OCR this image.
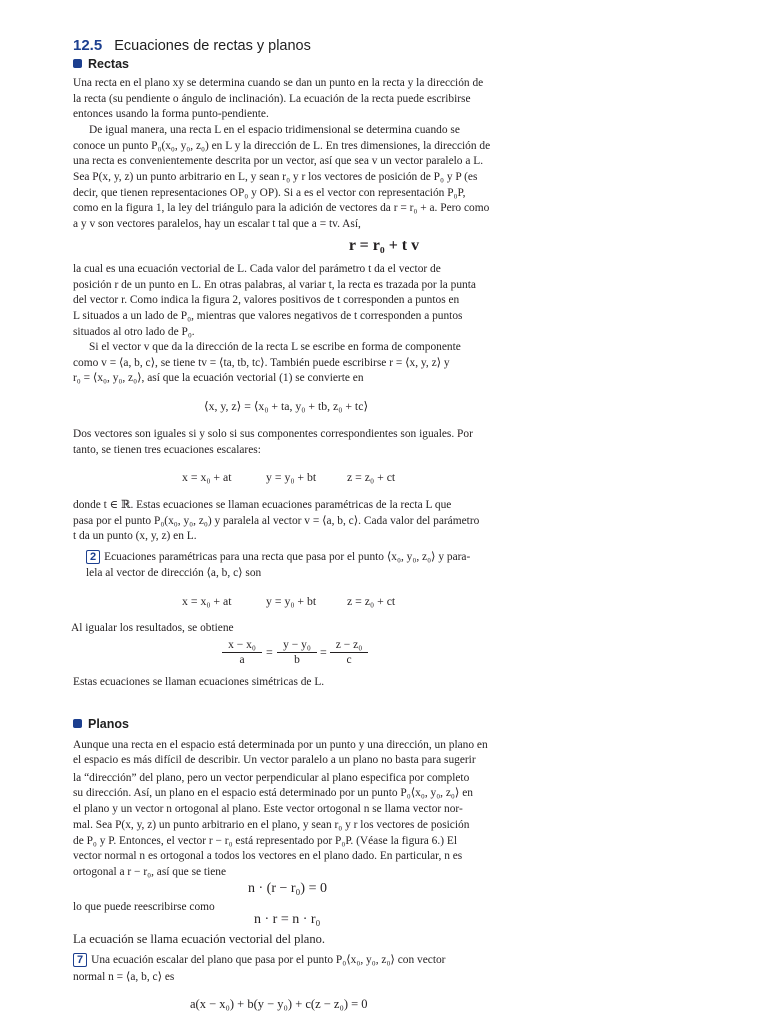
12.5 Ecuaciones de rectas y planos
Rectas
Una recta en el plano xy se determina cuando se dan un punto en la recta y la dirección de
la recta (su pendiente o ángulo de inclinación). La ecuación de la recta puede escribirse
entonces usando la forma punto-pendiente.
De igual manera, una recta L en el espacio tridimensional se determina cuando se
conoce un punto P₀(x₀, y₀, z₀) en L y la dirección de L. En tres dimensiones, la dirección de
una recta es convenientemente descrita por un vector, así que sea v un vector paralelo a L.
Sea P(x, y, z) un punto arbitrario en L, y sean r₀ y r los vectores de posición de P₀ y P (es
decir, que tienen representaciones OP₀ y OP). Si a es el vector con representación P₀P,
como en la figura 1, la ley del triángulo para la adición de vectores da r = r₀ + a. Pero como
a y v son vectores paralelos, hay un escalar t tal que a = tv. Así,
r = r₀ + t v
la cual es una ecuación vectorial de L. Cada valor del parámetro t da el vector de
posición r de un punto en L. En otras palabras, al variar t, la recta es trazada por la punta
del vector r. Como indica la figura 2, valores positivos de t corresponden a puntos en
L situados a un lado de P₀, mientras que valores negativos de t corresponden a puntos
situados al otro lado de P₀.
Si el vector v que da la dirección de la recta L se escribe en forma de componente
como v = ⟨a, b, c⟩, se tiene tv = ⟨ta, tb, tc⟩. También puede escribirse r = ⟨x, y, z⟩ y
r₀ = ⟨x₀, y₀, z₀⟩, así que la ecuación vectorial (1) se convierte en
⟨x, y, z⟩ = ⟨x₀ + ta, y₀ + tb, z₀ + tc⟩
Dos vectores son iguales si y solo si sus componentes correspondientes son iguales. Por
tanto, se tienen tres ecuaciones escalares:
x = x₀ + at	y = y₀ + bt	z = z₀ + ct
donde t ∈ ℝ. Estas ecuaciones se llaman ecuaciones paramétricas de la recta L que
pasa por el punto P₀(x₀, y₀, z₀) y paralela al vector v = ⟨a, b, c⟩. Cada valor del parámetro
t da un punto (x, y, z) en L.
2 Ecuaciones paramétricas para una recta que pasa por el punto ⟨x₀, y₀, z₀⟩ y para-
lela al vector de dirección ⟨a, b, c⟩ son
x = x₀ + at	y = y₀ + bt	z = z₀ + ct
Al igualar los resultados, se obtiene
$\frac{\text{x − x₀}}{a} = \frac{\text{y − y₀}}{b} = \frac{\text{z − z₀}}{c}$
Estas ecuaciones se llaman ecuaciones simétricas de L.
Planos
Aunque una recta en el espacio está determinada por un punto y una dirección, un plano en
el espacio es más difícil de describir. Un vector paralelo a un plano no basta para sugerir
la “dirección” del plano, pero un vector perpendicular al plano especifica por completo
su dirección. Así, un plano en el espacio está determinado por un punto P₀⟨x₀, y₀, z₀⟩ en
el plano y un vector n ortogonal al plano. Este vector ortogonal n se llama vector nor-
mal. Sea P(x, y, z) un punto arbitrario en el plano, y sean r₀ y r los vectores de posición
de P₀ y P. Entonces, el vector r − r₀ está representado por P₀P. (Véase la figura 6.) El
vector normal n es ortogonal a todos los vectores en el plano dado. En particular, n es
ortogonal a r − r₀, así que se tiene
n · (r − r₀) = 0
lo que puede reescribirse como
n · r = n · r₀
La ecuación se llama ecuación vectorial del plano.
7 Una ecuación escalar del plano que pasa por el punto P₀⟨x₀, y₀, z₀⟩ con vector
normal n = ⟨a, b, c⟩ es
a(x − x₀) + b(y − y₀) + c(z − z₀) = 0
